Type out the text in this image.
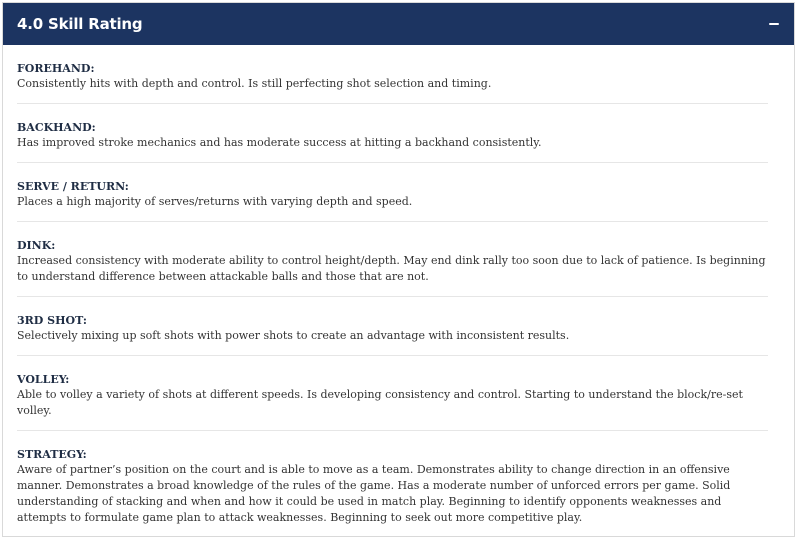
4.0 Skill Rating
FOREHAND:
Consistently hits with depth and control. Is still perfecting shot selection and timing.
BACKHAND:
Has improved stroke mechanics and has moderate success at hitting a backhand consistently.
SERVE / RETURN:
Places a high majority of serves/returns with varying depth and speed.
DINK:
Increased consistency with moderate ability to control height/depth. May end dink rally too soon due to lack of patience. Is beginning to understand difference between attackable balls and those that are not.
3RD SHOT:
Selectively mixing up soft shots with power shots to create an advantage with inconsistent results.
VOLLEY:
Able to volley a variety of shots at different speeds. Is developing consistency and control. Starting to understand the block/re-set volley.
STRATEGY:
Aware of partner’s position on the court and is able to move as a team. Demonstrates ability to change direction in an offensive manner. Demonstrates a broad knowledge of the rules of the game. Has a moderate number of unforced errors per game. Solid understanding of stacking and when and how it could be used in match play. Beginning to identify opponents weaknesses and attempts to formulate game plan to attack weaknesses. Beginning to seek out more competitive play.
